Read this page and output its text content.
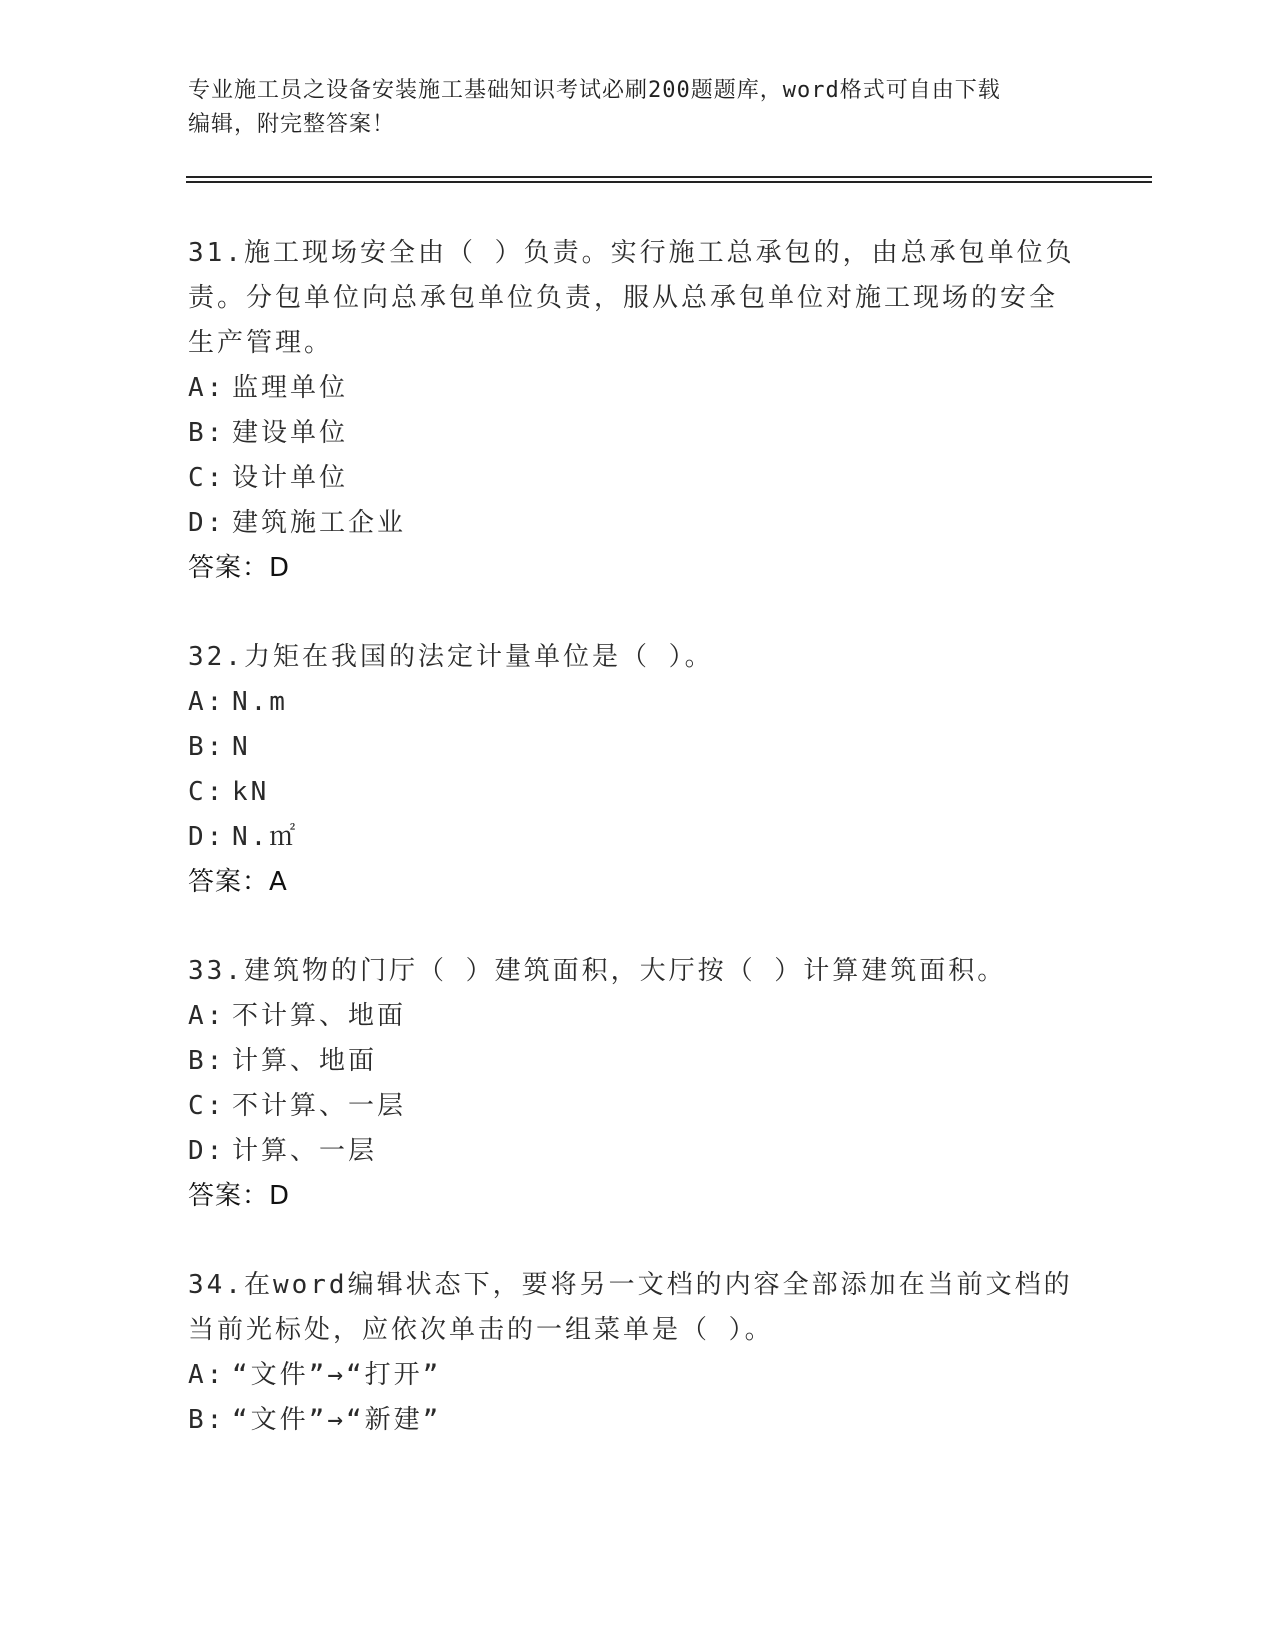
专业施工员之设备安装施工基础知识考试必刷200题题库，word格式可自由下载
编辑，附完整答案！
31.施工现场安全由（ ）负责。实行施工总承包的，由总承包单位负
责。分包单位向总承包单位负责，服从总承包单位对施工现场的安全
生产管理。
A: 监理单位
B: 建设单位
C: 设计单位
D: 建筑施工企业
答案：D
32.力矩在我国的法定计量单位是（ ）。
A: N.m
B: N
C: kN
D: N.㎡
答案：A
33.建筑物的门厅（ ）建筑面积，大厅按（ ）计算建筑面积。
A: 不计算、地面
B: 计算、地面
C: 不计算、一层
D: 计算、一层
答案：D
34.在word编辑状态下，要将另一文档的内容全部添加在当前文档的
当前光标处，应依次单击的一组菜单是（ ）。
A: “文件”→“打开”
B: “文件”→“新建”
